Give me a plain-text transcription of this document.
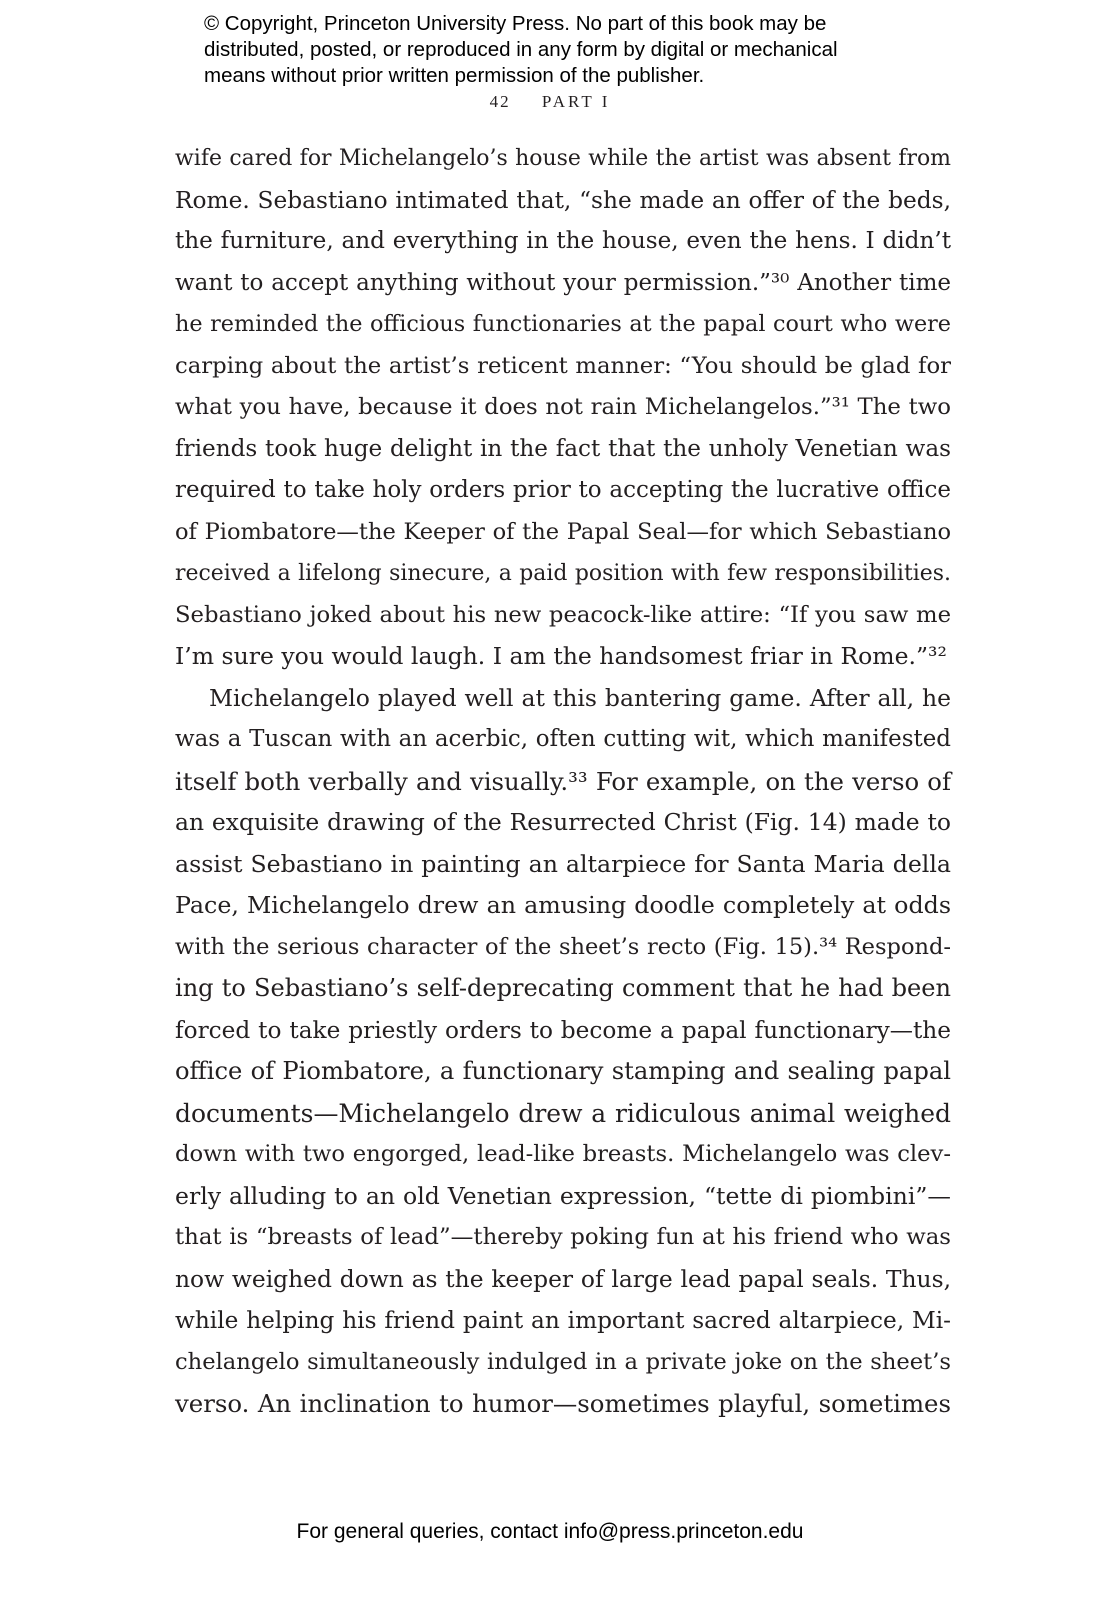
© Copyright, Princeton University Press. No part of this book may be
distributed, posted, or reproduced in any form by digital or mechanical
means without prior written permission of the publisher.
42 PART I
wife cared for Michelangelo’s house while the artist was absent from
Rome. Sebastiano intimated that, “she made an offer of the beds,
the furniture, and everything in the house, even the hens. I didn’t
want to accept anything without your permission.”³⁰ Another time
he reminded the officious functionaries at the papal court who were
carping about the artist’s reticent manner: “You should be glad for
what you have, because it does not rain Michelangelos.”³¹ The two
friends took huge delight in the fact that the unholy Venetian was
required to take holy orders prior to accepting the lucrative office
of Piombatore—the Keeper of the Papal Seal—for which Sebastiano
received a lifelong sinecure, a paid position with few responsibilities.
Sebastiano joked about his new peacock-like attire: “If you saw me
I’m sure you would laugh. I am the handsomest friar in Rome.”³²
Michelangelo played well at this bantering game. After all, he
was a Tuscan with an acerbic, often cutting wit, which manifested
itself both verbally and visually.³³ For example, on the verso of
an exquisite drawing of the Resurrected Christ (Fig. 14) made to
assist Sebastiano in painting an altarpiece for Santa Maria della
Pace, Michelangelo drew an amusing doodle completely at odds
with the serious character of the sheet’s recto (Fig. 15).³⁴ Respond-
ing to Sebastiano’s self-deprecating comment that he had been
forced to take priestly orders to become a papal functionary—the
office of Piombatore, a functionary stamping and sealing papal
documents—Michelangelo drew a ridiculous animal weighed
down with two engorged, lead-like breasts. Michelangelo was clev-
erly alluding to an old Venetian expression, “tette di piombini”—
that is “breasts of lead”—thereby poking fun at his friend who was
now weighed down as the keeper of large lead papal seals. Thus,
while helping his friend paint an important sacred altarpiece, Mi-
chelangelo simultaneously indulged in a private joke on the sheet’s
verso. An inclination to humor—sometimes playful, sometimes
For general queries, contact info@press.princeton.edu
